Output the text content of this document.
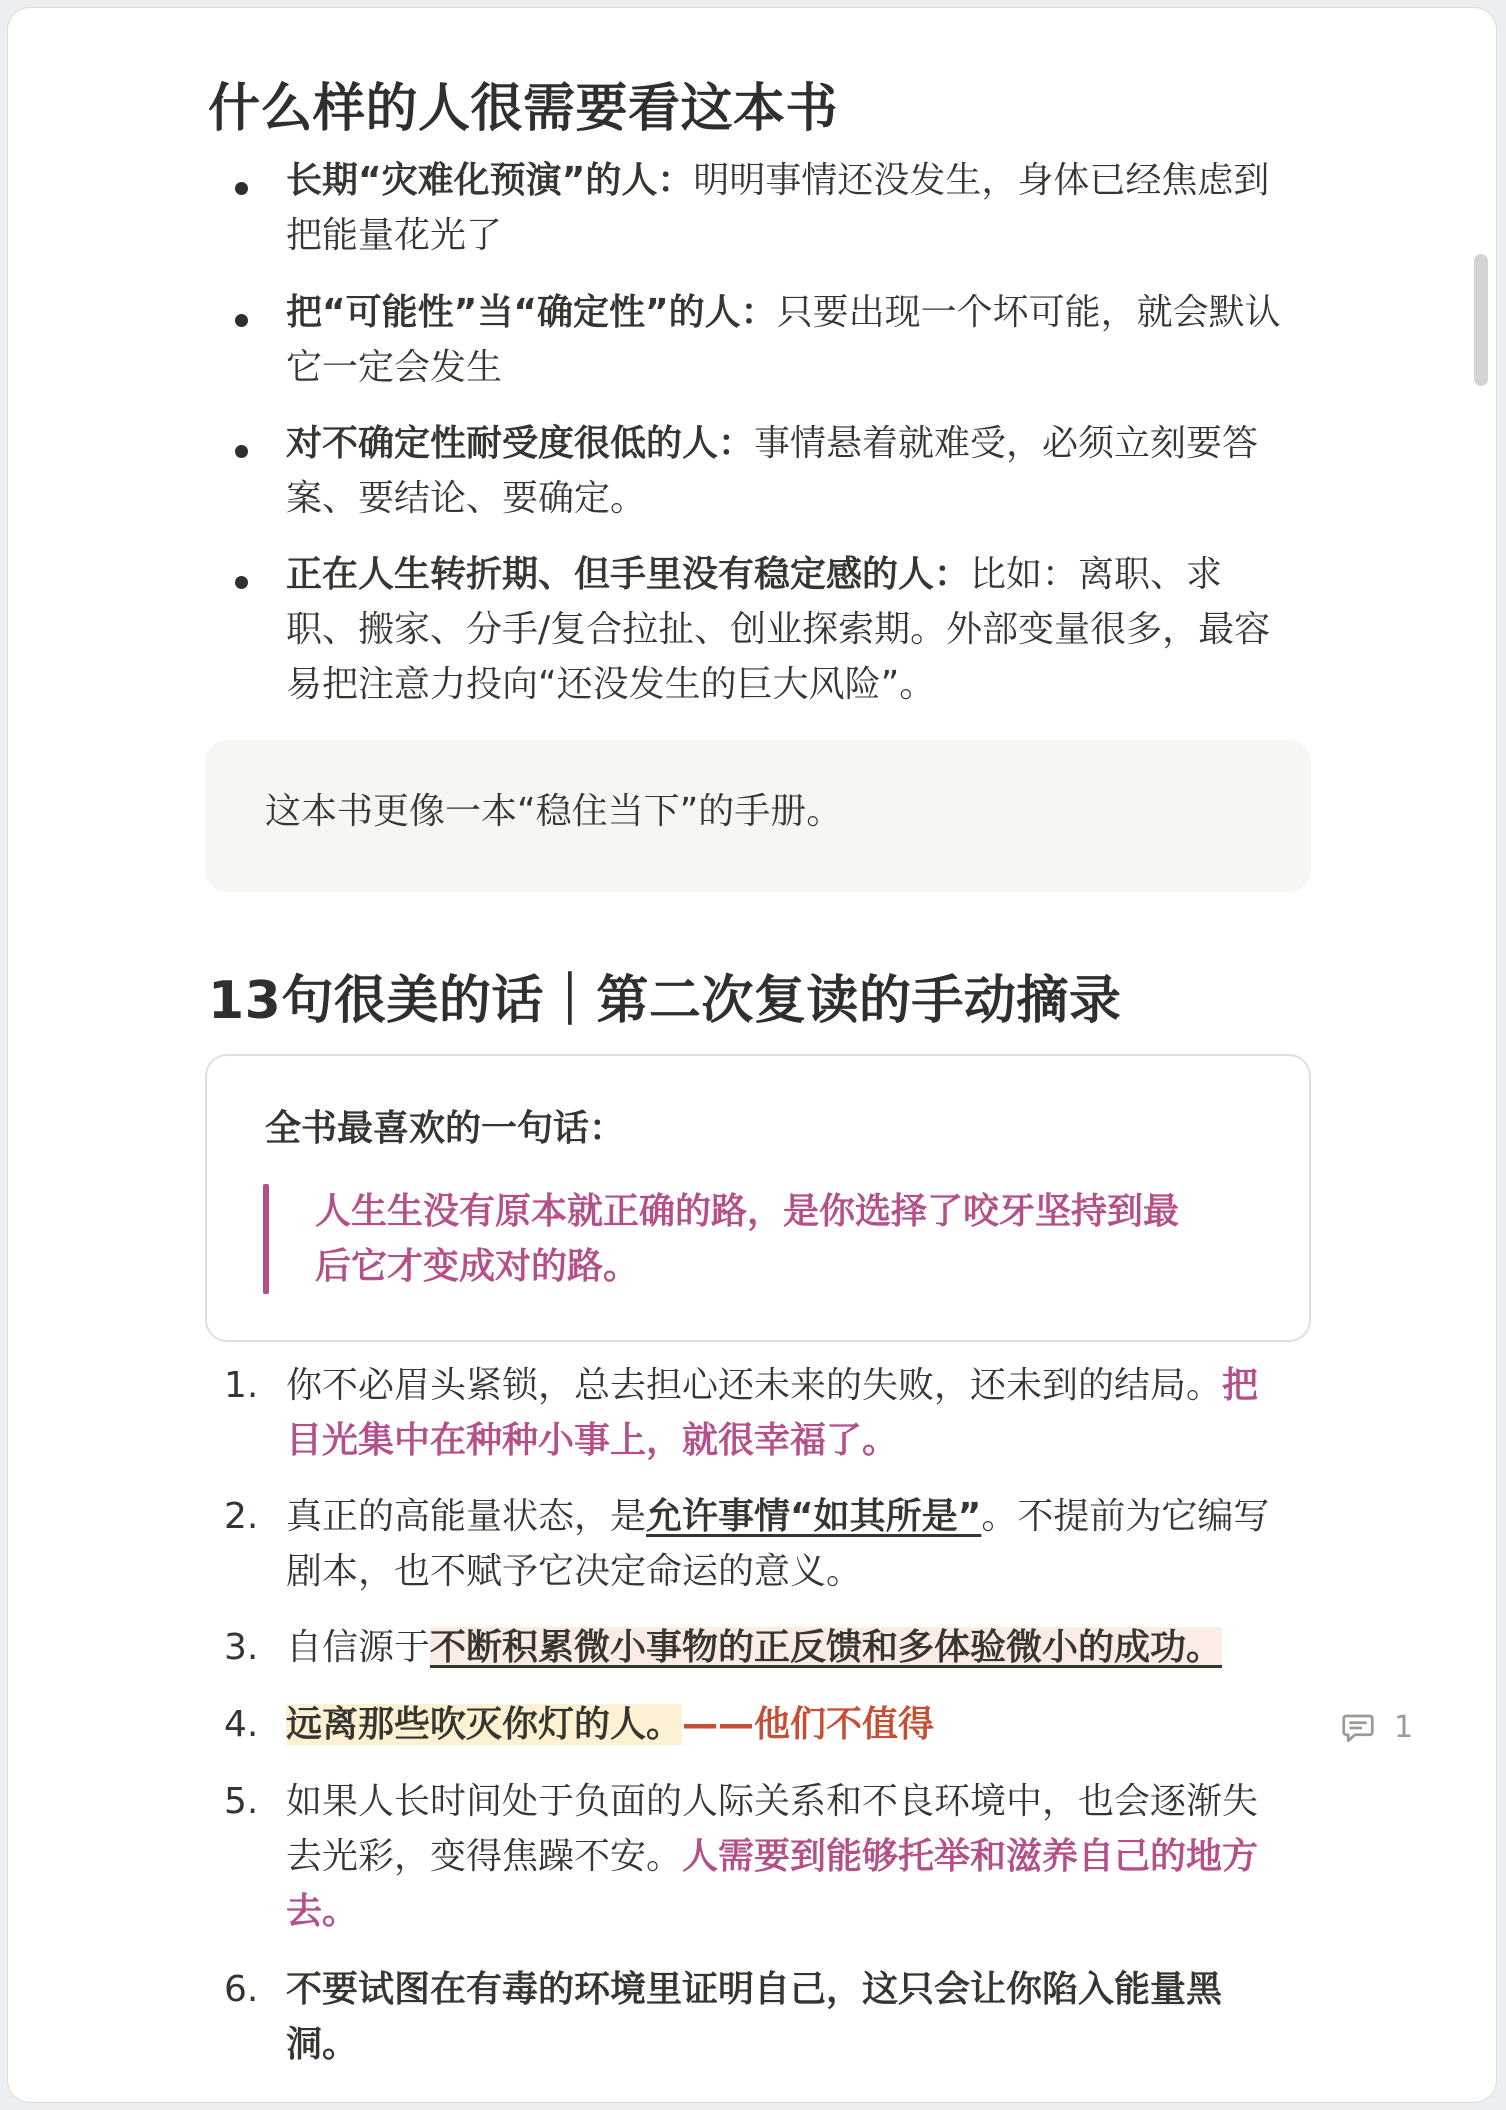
什么样的人很需要看这本书
长期“灾难化预演”的人：明明事情还没发生，身体已经焦虑到把能量花光了
把“可能性”当“确定性”的人：只要出现一个坏可能，就会默认它一定会发生
对不确定性耐受度很低的人：事情悬着就难受，必须立刻要答案、要结论、要确定。
正在人生转折期、但手里没有稳定感的人：比如：离职、求职、搬家、分手/复合拉扯、创业探索期。外部变量很多，最容易把注意力投向“还没发生的巨大风险”。
这本书更像一本“稳住当下”的手册。
13句很美的话｜第二次复读的手动摘录
全书最喜欢的一句话：
人生生没有原本就正确的路，是你选择了咬牙坚持到最后它才变成对的路。
1. 你不必眉头紧锁，总去担心还未来的失败，还未到的结局。把目光集中在种种小事上，就很幸福了。
2. 真正的高能量状态，是允许事情“如其所是”。不提前为它编写剧本，也不赋予它决定命运的意义。
3. 自信源于不断积累微小事物的正反馈和多体验微小的成功。
4. 远离那些吹灭你灯的人。——他们不值得
5. 如果人长时间处于负面的人际关系和不良环境中，也会逐渐失去光彩，变得焦躁不安。人需要到能够托举和滋养自己的地方去。
6. 不要试图在有毒的环境里证明自己，这只会让你陷入能量黑洞。
1
